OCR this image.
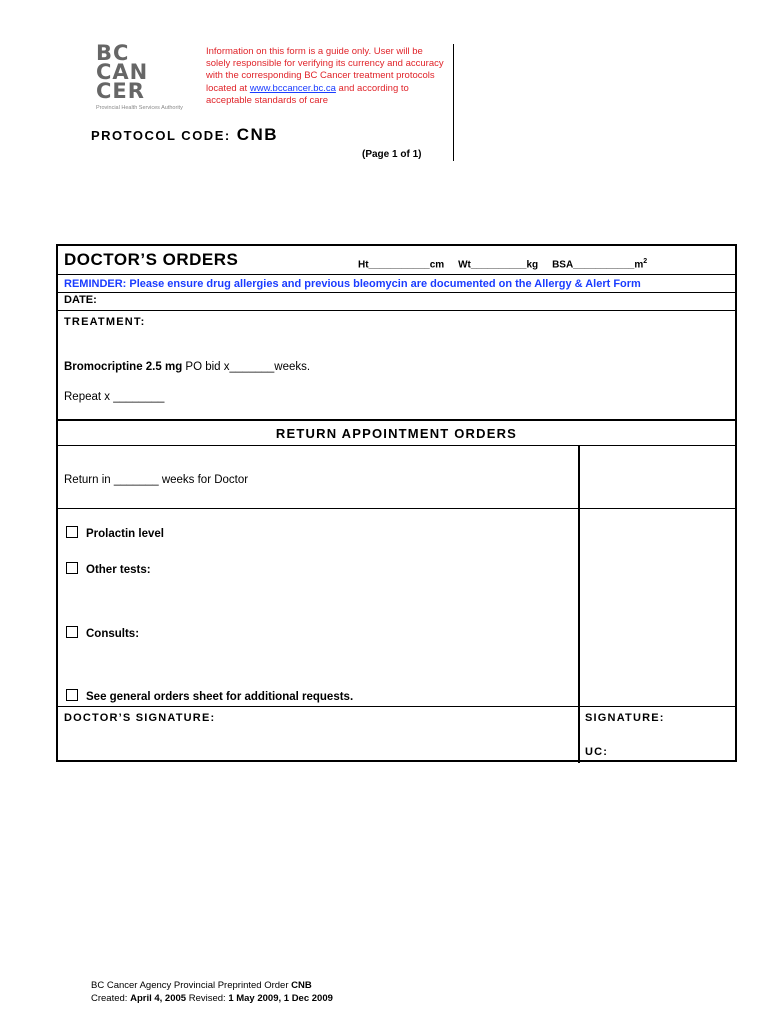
BC
CAN
CER
Provincial Health Services Authority
Information on this form is a guide only. User will be solely responsible for verifying its currency and accuracy with the corresponding BC Cancer treatment protocols located at www.bccancer.bc.ca and according to acceptable standards of care
PROTOCOL CODE: CNB
(Page 1 of 1)
DOCTOR’S ORDERS	Ht___________cm Wt__________kg $BSA\_\_\_\_\_\_\_\_\_\_\_m^2$
REMINDER: Please ensure drug allergies and previous bleomycin are documented on the Allergy & Alert Form
DATE:
TREATMENT:
Bromocriptine 2.5 mg PO bid x_______weeks.
Repeat x ________
RETURN APPOINTMENT ORDERS
Return in _______ weeks for Doctor
Prolactin level
Other tests:
Consults:
See general orders sheet for additional requests.
DOCTOR’S SIGNATURE:	SIGNATURE:
UC:
BC Cancer Agency Provincial Preprinted Order CNB
Created: April 4, 2005 Revised: 1 May 2009, 1 Dec 2009
